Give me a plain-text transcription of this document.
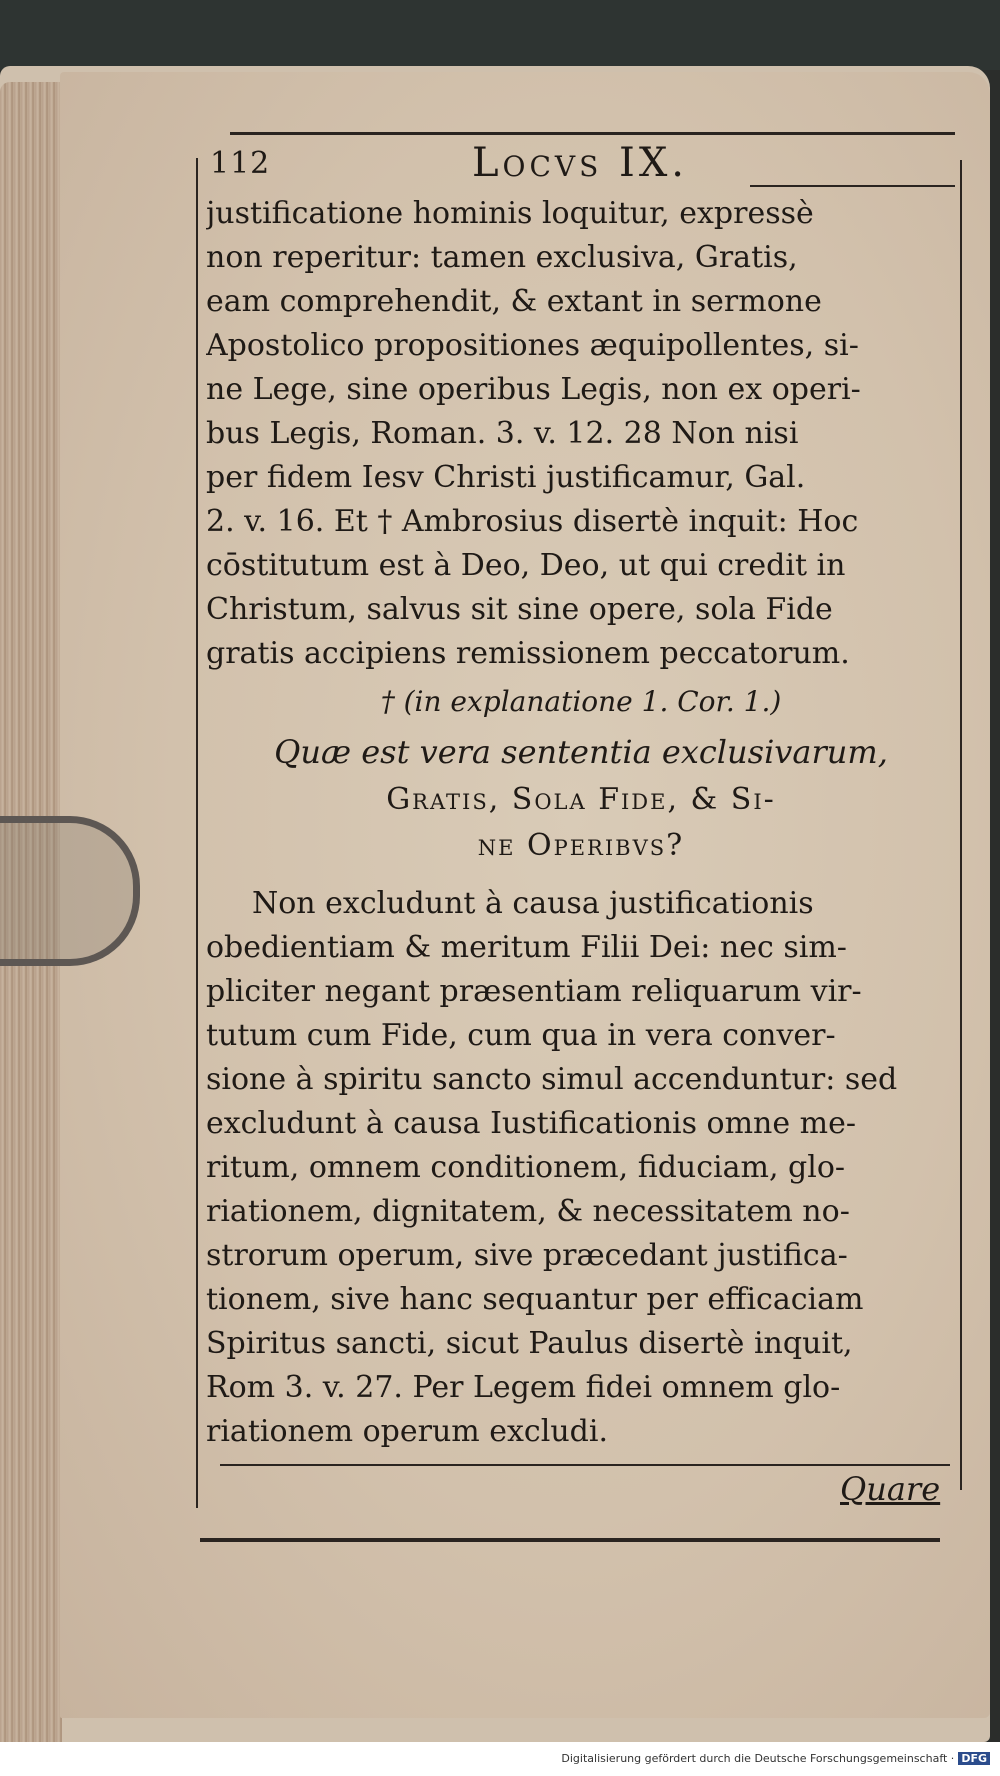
112	Locvs IX.
justificatione hominis loquitur, expressè
non reperitur: tamen exclusiva, Gratis,
eam comprehendit, & extant in sermone
Apostolico propositiones æquipollentes, si-
ne Lege, sine operibus Legis, non ex operi-
bus Legis, Roman. 3. v. 12. 28 Non nisi
per fidem Iesv Christi justificamur, Gal.
2. v. 16. Et † Ambrosius disertè inquit: Hoc
cōstitutum est à Deo, Deo, ut qui credit in
Christum, salvus sit sine opere, sola Fide
gratis accipiens remissionem peccatorum.
† (in explanatione 1. Cor. 1.)
Quæ est vera sententia exclusivarum,
Gratis, Sola Fide, & Si-
ne Operibvs?
Non excludunt à causa justificationis
obedientiam & meritum Filii Dei: nec sim-
pliciter negant præsentiam reliquarum vir-
tutum cum Fide, cum qua in vera conver-
sione à spiritu sancto simul accenduntur: sed
excludunt à causa Iustificationis omne me-
ritum, omnem conditionem, fiduciam, glo-
riationem, dignitatem, & necessitatem no-
strorum operum, sive præcedant justifica-
tionem, sive hanc sequantur per efficaciam
Spiritus sancti, sicut Paulus disertè inquit,
Rom 3. v. 27. Per Legem fidei omnem glo-
riationem operum excludi.
Quare
Digitalisierung gefördert durch die Deutsche Forschungsgemeinschaft · DFG
